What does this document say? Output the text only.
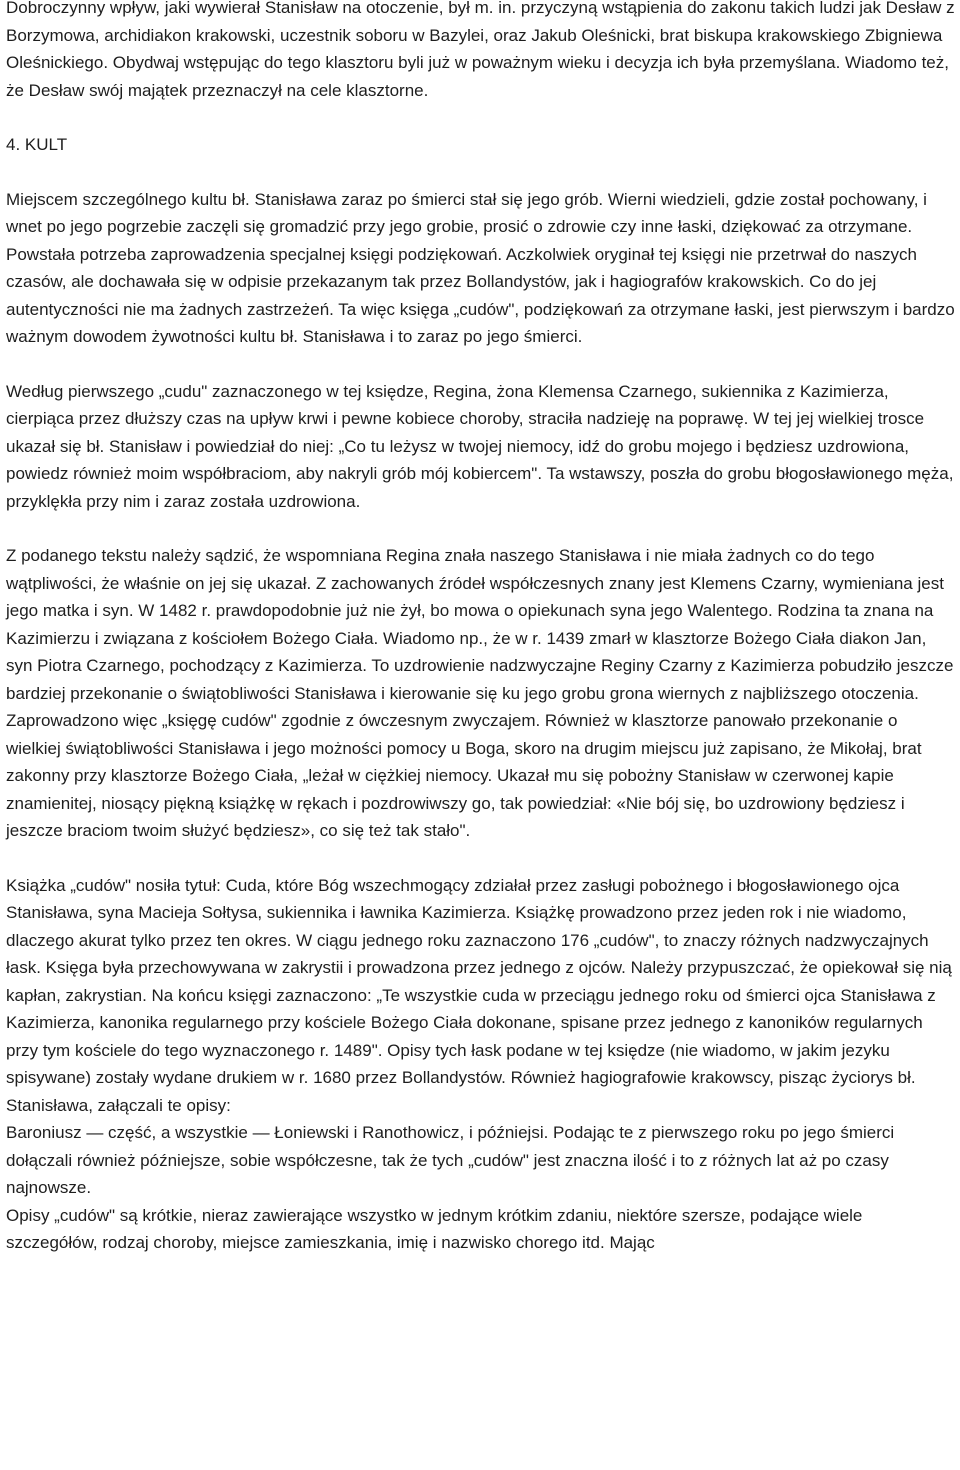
Dobroczynny wpływ, jaki wywierał Stanisław na otoczenie, był m. in. przyczyną wstąpienia do zakonu takich ludzi jak Desław z Borzymowa, archidiakon krakowski, uczestnik soboru w Bazylei, oraz Jakub Oleśnicki, brat biskupa krakowskiego Zbigniewa Oleśnickiego. Obydwaj wstępując do tego klasztoru byli już w poważnym wieku i decyzja ich była przemyślana. Wiadomo też, że Desław swój majątek przeznaczył na cele klasztorne.

4. KULT

Miejscem szczególnego kultu bł. Stanisława zaraz po śmierci stał się jego grób. Wierni wiedzieli, gdzie został pochowany, i wnet po jego pogrzebie zaczęli się gromadzić przy jego grobie, prosić o zdrowie czy inne łaski, dziękować za otrzymane. Powstała potrzeba zaprowadzenia specjalnej księgi podziękowań. Aczkolwiek oryginał tej księgi nie przetrwał do naszych czasów, ale dochawała się w odpisie przekazanym tak przez Bollandystów, jak i hagiografów krakowskich. Co do jej autentyczności nie ma żadnych zastrzeżeń. Ta więc księga „cudów", podziękowań za otrzymane łaski, jest pierwszym i bardzo ważnym dowodem żywotności kultu bł. Stanisława i to zaraz po jego śmierci.

Według pierwszego „cudu" zaznaczonego w tej księdze, Regina, żona Klemensa Czarnego, sukiennika z Kazimierza, cierpiąca przez dłuższy czas na upływ krwi i pewne kobiece choroby, straciła nadzieję na poprawę. W tej jej wielkiej trosce ukazał się bł. Stanisław i powiedział do niej: „Co tu leżysz w twojej niemocy, idź do grobu mojego i będziesz uzdrowiona, powiedz również moim współbraciom, aby nakryli grób mój kobiercem". Ta wstawszy, poszła do grobu błogosławionego męża, przyklękła przy nim i zaraz została uzdrowiona.

Z podanego tekstu należy sądzić, że wspomniana Regina znała naszego Stanisława i nie miała żadnych co do tego wątpliwości, że właśnie on jej się ukazał. Z zachowanych źródeł współczesnych znany jest Klemens Czarny, wymieniana jest jego matka i syn. W 1482 r. prawdopodobnie już nie żył, bo mowa o opiekunach syna jego Walentego. Rodzina ta znana na Kazimierzu i związana z kościołem Bożego Ciała. Wiadomo np., że w r. 1439 zmarł w klasztorze Bożego Ciała diakon Jan, syn Piotra Czarnego, pochodzący z Kazimierza. To uzdrowienie nadzwyczajne Reginy Czarny z Kazimierza pobudziło jeszcze bardziej przekonanie o świątobliwości Stanisława i kierowanie się ku jego grobu grona wiernych z najbliższego otoczenia. Zaprowadzono więc „księgę cudów" zgodnie z ówczesnym zwyczajem. Również w klasztorze panowało przekonanie o wielkiej świątobliwości Stanisława i jego możności pomocy u Boga, skoro na drugim miejscu już zapisano, że Mikołaj, brat zakonny przy klasztorze Bożego Ciała, „leżał w ciężkiej niemocy. Ukazał mu się pobożny Stanisław w czerwonej kapie znamienitej, niosący piękną książkę w rękach i pozdrowiwszy go, tak powiedział: «Nie bój się, bo uzdrowiony będziesz i jeszcze braciom twoim służyć będziesz», co się też tak stało".

Książka „cudów" nosiła tytuł: Cuda, które Bóg wszechmogący zdziałał przez zasługi pobożnego i błogosławionego ojca Stanisława, syna Macieja Sołtysa, sukiennika i ławnika Kazimierza. Książkę prowadzono przez jeden rok i nie wiadomo, dlaczego akurat tylko przez ten okres. W ciągu jednego roku zaznaczono 176 „cudów", to znaczy różnych nadzwyczajnych łask. Księga była przechowywana w zakrystii i prowadzona przez jednego z ojców. Należy przypuszczać, że opiekował się nią kapłan, zakrystian. Na końcu księgi zaznaczono: „Te wszystkie cuda w przeciągu jednego roku od śmierci ojca Stanisława z Kazimierza, kanonika regularnego przy kościele Bożego Ciała dokonane, spisane przez jednego z kanoników regularnych przy tym kościele do tego wyznaczonego r. 1489". Opisy tych łask podane w tej księdze (nie wiadomo, w jakim jezyku spisywane) zostały wydane drukiem w r. 1680 przez Bollandystów. Również hagiografowie krakowscy, pisząc życiorys bł. Stanisława, załączali te opisy:

Baroniusz — część, a wszystkie — Łoniewski i Ranothowicz, i późniejsi. Podając te z pierwszego roku po jego śmierci dołączali również późniejsze, sobie współczesne, tak że tych „cudów" jest znaczna ilość i to z różnych lat aż po czasy najnowsze.

Opisy „cudów" są krótkie, nieraz zawierające wszystko w jednym krótkim zdaniu, niektóre szersze, podające wiele szczegółów, rodzaj choroby, miejsce zamieszkania, imię i nazwisko chorego itd. Mając
